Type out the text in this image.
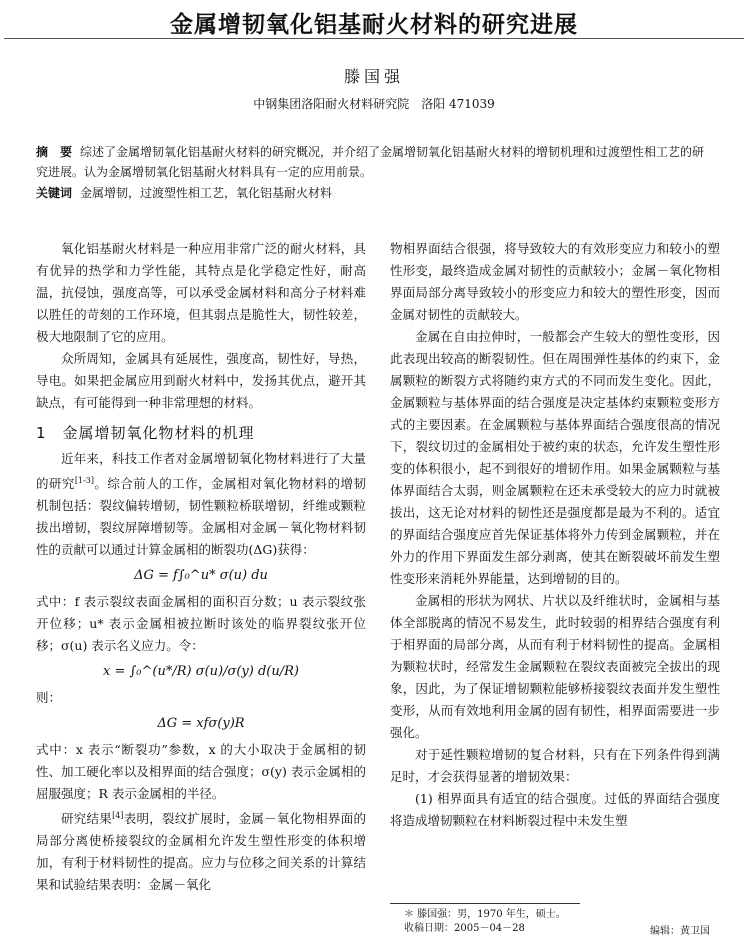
金属增韧氧化铝基耐火材料的研究进展
滕国强
中钢集团洛阳耐火材料研究院　洛阳 471039
摘　要 综述了金属增韧氧化铝基耐火材料的研究概况，并介绍了金属增韧氧化铝基耐火材料的增韧机理和过渡塑性相工艺的研究进展。认为金属增韧氧化铝基耐火材料具有一定的应用前景。
关键词 金属增韧，过渡塑性相工艺，氧化铝基耐火材料

氧化铝基耐火材料是一种应用非常广泛的耐火材料，具有优异的热学和力学性能，其特点是化学稳定性好，耐高温，抗侵蚀，强度高等，可以承受金属材料和高分子材料难以胜任的苛刻的工作环境，但其弱点是脆性大，韧性较差，极大地限制了它的应用。

众所周知，金属具有延展性，强度高，韧性好，导热，导电。如果把金属应用到耐火材料中，发扬其优点，避开其缺点，有可能得到一种非常理想的材料。

1 金属增韧氧化物材料的机理

近年来，科技工作者对金属增韧氧化物材料进行了大量的研究[1-3]。综合前人的工作，金属相对氧化物材料的增韧机制包括：裂纹偏转增韧，韧性颗粒桥联增韧，纤维或颗粒拔出增韧，裂纹屏障增韧等。金属相对金属－氧化物材料韧性的贡献可以通过计算金属相的断裂功(ΔG)获得：

ΔG = f∫₀^u* σ(u) du

式中：f 表示裂纹表面金属相的面积百分数；u 表示裂纹张开位移；u* 表示金属相被拉断时该处的临界裂纹张开位移；σ(u) 表示名义应力。令：

x = ∫₀^(u*/R) σ(u)/σ(y) d(u/R)

则：

ΔG = xfσ(y)R

式中：x 表示“断裂功”参数，x 的大小取决于金属相的韧性、加工硬化率以及相界面的结合强度；σ(y) 表示金属相的屈服强度；R 表示金属相的半径。

研究结果[4]表明，裂纹扩展时，金属－氧化物相界面的局部分离使桥接裂纹的金属相允许发生塑性形变的体积增加，有利于材料韧性的提高。应力与位移之间关系的计算结果和试验结果表明：金属－氧化

物相界面结合很强，将导致较大的有效形变应力和较小的塑性形变，最终造成金属对韧性的贡献较小；金属－氧化物相界面局部分离导致较小的形变应力和较大的塑性形变，因而金属对韧性的贡献较大。

金属在自由拉伸时，一般都会产生较大的塑性变形，因此表现出较高的断裂韧性。但在周围弹性基体的约束下，金属颗粒的断裂方式将随约束方式的不同而发生变化。因此，金属颗粒与基体界面的结合强度是决定基体约束颗粒变形方式的主要因素。在金属颗粒与基体界面结合强度很高的情况下，裂纹切过的金属相处于被约束的状态，允许发生塑性形变的体积很小，起不到很好的增韧作用。如果金属颗粒与基体界面结合太弱，则金属颗粒在还未承受较大的应力时就被拔出，这无论对材料的韧性还是强度都是最为不利的。适宜的界面结合强度应首先保证基体将外力传到金属颗粒，并在外力的作用下界面发生部分剥离，使其在断裂破坏前发生塑性变形来消耗外界能量，达到增韧的目的。

金属相的形状为网状、片状以及纤维状时，金属相与基体全部脱离的情况不易发生，此时较弱的相界结合强度有利于相界面的局部分离，从而有利于材料韧性的提高。金属相为颗粒状时，经常发生金属颗粒在裂纹表面被完全拔出的现象，因此，为了保证增韧颗粒能够桥接裂纹表面并发生塑性变形，从而有效地利用金属的固有韧性，相界面需要进一步强化。

对于延性颗粒增韧的复合材料，只有在下列条件得到满足时，才会获得显著的增韧效果：

(1) 相界面具有适宜的结合强度。过低的界面结合强度将造成增韧颗粒在材料断裂过程中未发生塑

＊ 滕国强：男，1970 年生，硕士。
收稿日期：2005－04－28	编辑：黄卫国
